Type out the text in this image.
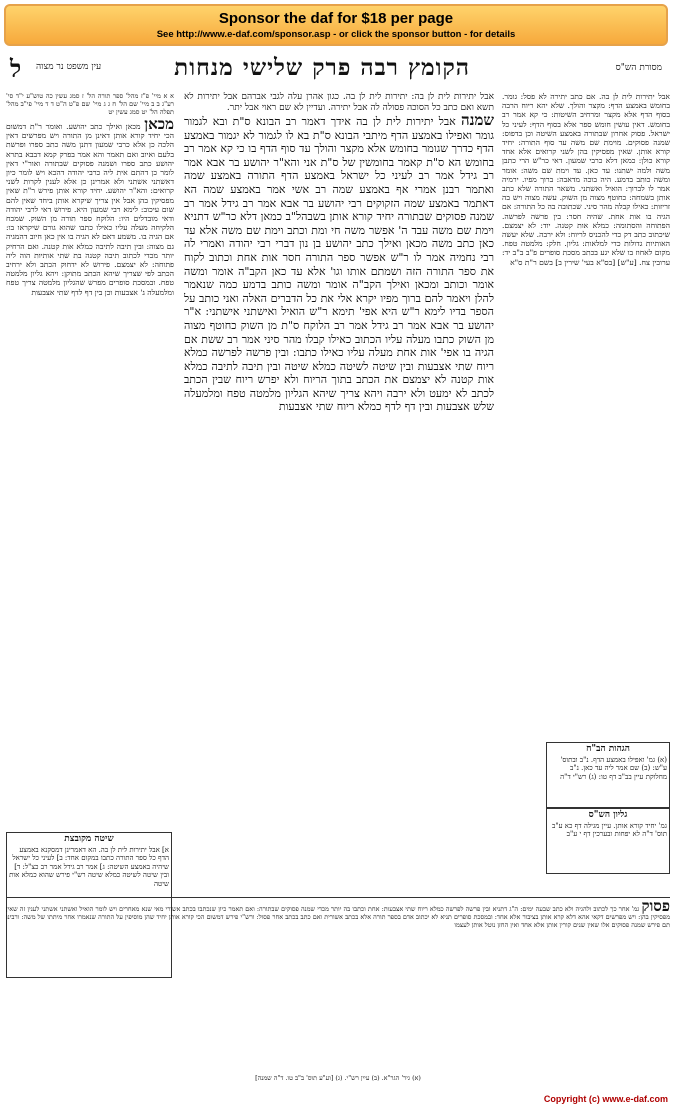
Sponsor the daf for $18 per page
See http://www.e-daf.com/sponsor.asp - or click the sponsor button - for details
מסורת הש"ס
הקומץ רבה פרק שלישי מנחות
עין משפט נר מצוה
ל
אבל יתירות לית לן בה. אם כתב יתירה לא פסל: גומר. בחומש באמצע הדף: מקצר והולך. שלא יהא ריוח הרבה בסוף הדף אלא מקצר ומרחיב השיטות: כי קא אמר רב בחומש. דאין עושין חומש ספר אלא בסוף הדף: לעיני כל ישראל. פסוק אחרון שבתורה באמצע השיטה וכן בדפוס: שמנה פסוקים. מוימת שם משה עד סוף התורה: יחיד קורא אותן. שאין מפסיקין בהן לשני קרואים אלא אחד קורא כולן: כמאן דלא כרבי שמעון. דאי כר"ש הרי כתבן משה ולמה ישתנו: עד כאן. עד וימת שם משה: אומר ומשה כותב בדמע. היה בוכה מדאבה: ברוך מפיו. ירמיה אמר לו לברוך: הואיל ואשתני. משאר התורה שלא כתב אותן בשמחה: כחוטף מצוה מן השוק. עשה מצוה ויש בה זריזות: כאילו קבלה מהר סיני. שכתובה בה כל התורה: אם הגיה בו אות אחת. שהיה חסר: בין פרשה לפרשה. הפתוחה והסתומה: כמלא אות קטנה. יוד: לא יצמצם. שיכתוב כתב דק כדי להכניס לריוח: ולא ירבה. שלא יעשה האותיות גדולות כדי למלאות: גליון. חלק: מלמטה טפח. מקום לאחוז בו שלא יגע בכתב מסכת סופרים פ"ב ב"ב יד: ערובין צח. [ע"ש] [בס"א בעי' שירין ב] בשם ר"ת ס"א
אבל יתירות לית לן בה: יתירות לית לן בה. כגון אהרן עלה לגבי אברהם אבל יתירות לא תשא ואם כתב כל הסוכה פסולה לה אבל יתירה. ועדיין לא שם ראוי אבל יתר.
שמנה אבל יתירות לית לן בה אידך דאמר רב הבונא ס"ת ובא לגמור גומר ואפילו באמצע הדף מיתבי הבונא ס"ת בא לו לגמור לא יגמור באמצע הדף כדרך שגומר בחומש אלא מקצר והולך עד סוף הדף בו כי קא אמר רב בחומש הא ס"ת קאמר בחומשין של ס"ת אני והא"ר יהושע בר אבא אמר רב גידל אמר רב לעיני כל ישראל באמצע הדף התורה באמצע שמה ואתמר רבנן אמרי אף באמצע שמה רב אשי אמר באמצע שמה הא דאתמר באמצע שמה הזקוקים רבי יהושע בר אבא אמר רב גידל אמר רב שמנה פסוקים שבתורה יחיד קורא אותן בשבהל"ב כמאן דלא כר"ש דתניא וימת שם משה עבד ה' אפשר משה חי ומת וכתב וימת שם משה אלא עד כאן כתב משה מכאן ואילך כתב יהושע בן נון דברי רבי יהודה ואמרי לה רבי נחמיה אמר לו ר"ש אפשר ספר התורה חסר אות אחת וכתוב לקוח את ספר התורה הזה ושמתם אותו וגו' אלא עד כאן הקב"ה אומר ומשה אומר וכותב ומכאן ואילך הקב"ה אומר ומשה כותב בדמע כמה שנאמר להלן ויאמר להם ברוך מפיו יקרא אלי את כל הדברים האלה ואני כותב על הספר בדיו לימא ר"ש היא אפי' תימא ר"ש הואיל ואישתני אישתני: א"ר יהושע בר אבא אמר רב גידל אמר רב הלוקח ס"ת מן השוק כחוטף מצוה מן השוק כתבו מעלה עליו הכתוב כאילו קבלו מהר סיני אמר רב ששת אם הגיה בו אפי' אות אחת מעלה עליו כאילו כתבו: ובין פרשה לפרשה כמלא ריוח שתי אצבעות ובין שיטה לשיטה כמלא שיטה ובין תיבה לתיבה כמלא אות קטנה לא יצמצם את הכתב בתוך הריוח ולא יפרש ריוח שבין הכתב לכתב לא ימעט ולא ירבה ויהא צריך שיהא הגליון מלמטה טפח ומלמעלה שלש אצבעות ובין דף לדף כמלא ריוח שתי אצבעות
א א מיי' פ"ז מהל' ספר תורה הל' ז סמג עשין כה טוש"ע י"ד סי' רע"ג ב ב מיי' שם הל' ח ג ג מיי' שם פ"ט ה"ט ד ד מיי' פי"ב מהל' תפלה הל' יט סמג עשין יט
מכאן מכאן ואילך כתב יהושע. ואומר ר"ת דמשום הכי יחיד קורא אותן דאינן מן התורה ויש מפרשים דאין הלכה כן אלא כרבי שמעון דתנן משה כתב ספרו ופרשת בלעם ואיוב ואם תאמר והא אמר בפרק קמא דבבא בתרא יהושע כתב ספרו ושמנה פסוקים שבתורה ואור"י דאין לומר כן דהתם אית ליה כרבי יהודה דהכא ויש לומר כיון דאשתני אשתני ולא אמרינן כן אלא לענין לקרות לשני קרואים: והא"ר יהושע. יחיד קורא אותן פירש ר"ת שאין מפסיקין בהן אבל אין צריך שיקרא אותן ביחד שאין להם שום עיכוב: לימא רבי שמעון היא. פירוש דאי לרבי יהודה ודאי מובדלים היו: הלוקח ספר תורה מן השוק. שמכח הלקיחה מעלה עליו כאילו כתבו שהוא גורם שיקראו בו: אם הגיה בו. משמע דאם לא הגיה בו אין כאן חיוב דהמגיה גם מצוה: ובין תיבה לתיבה כמלא אות קטנה. ואם הרחיק יותר מכדי לכתוב תיבה קטנה בת שתי אותיות הוה ליה פתוחה: לא יצמצם. פירוש לא ידחוק הכתב ולא ירחיב הכתב לפי שצריך שיהא הכתב מתוקן: ויהא גליון מלמטה טפח. ובמסכת סופרים מפרש שהגליון מלמטה צריך טפח ומלמעלה ג' אצבעות וכן בין דף לדף שתי אצבעות
הגהות הב"ח
(א) גמ' ואפילו באמצע הדף. נ"ב ובתוס' ע"ש: (ב) שם אמר ליה עד כאן. נ"ב מחלוקת עיין בב"ב דף טו: (ג) רש"י ד"ה
גליון הש"ס
גמ' יחיד קורא אותן. עיין מגילה דף כא ע"ב תוס' ד"ה לא יפחות ובערכין דף י ע"ב
שיטה מקובצת
א] אבל יתירות לית לן בה. הא דאמרינן דמסקנא באמצע הדף כל ספר התורה כתבו במקום אחד: ב] לעיני כל ישראל שיהיה באמצע השיטה: ג] אמר רב גידל אמר רב כצ"ל: ד] ובין שיטה לשיטה כמלא שיטה רש"י פירש שהוא כמלא אות שיטה
פסוק גמ' אחר כך לכתוב ולהגיה ולא כתב שבעה ימים: ה"ג דתניא ובין פרשה לפרשה כמלא ריוח שתי אצבעות: אחת וכתבו בה יותר מכדי שמנה פסוקים שבתורה: ואם תאמר כיון שנכתבו בכתב אשורי מאי שנא מאחרים ויש לומר הואיל ואשתני אשתני לענין זה שאין מפסיקין בהן: ויש מפרשים דקאי אהא דלא קרא אותן בציבור אלא אחד: ובמסכת סופרים תניא לא יכתוב אדם בספר תורה אלא בכתב אשורית ואם כתב בכתב אחר פסול: ורש"י פירש דמשום הכי קורא אותן יחיד שהן מוסיפין על התורה שנאמרו אחר מיתתו של משה: ורבינו תם פירש שמנה פסוקים אלו שאין שנים קורין אותן אלא אחד ואין החזן נוטל אותן לעצמו
(א) גיר' הגר"א. (ב) עיין רש"י. (ג) [וע"ע תוס' ב"ב טו. ד"ה שמנה]
Copyright (c) www.e-daf.com
